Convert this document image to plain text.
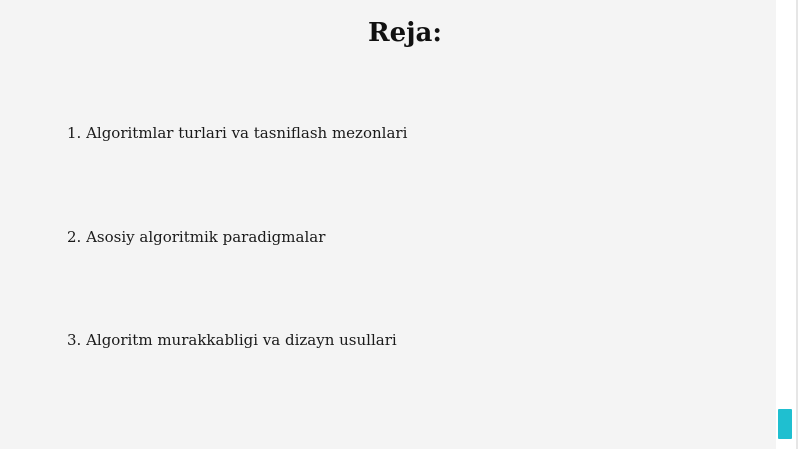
Reja:

1. Algoritmlar turlari va tasniflash mezonlari

2. Asosiy algoritmik paradigmalar

3. Algoritm murakkabligi va dizayn usullari
